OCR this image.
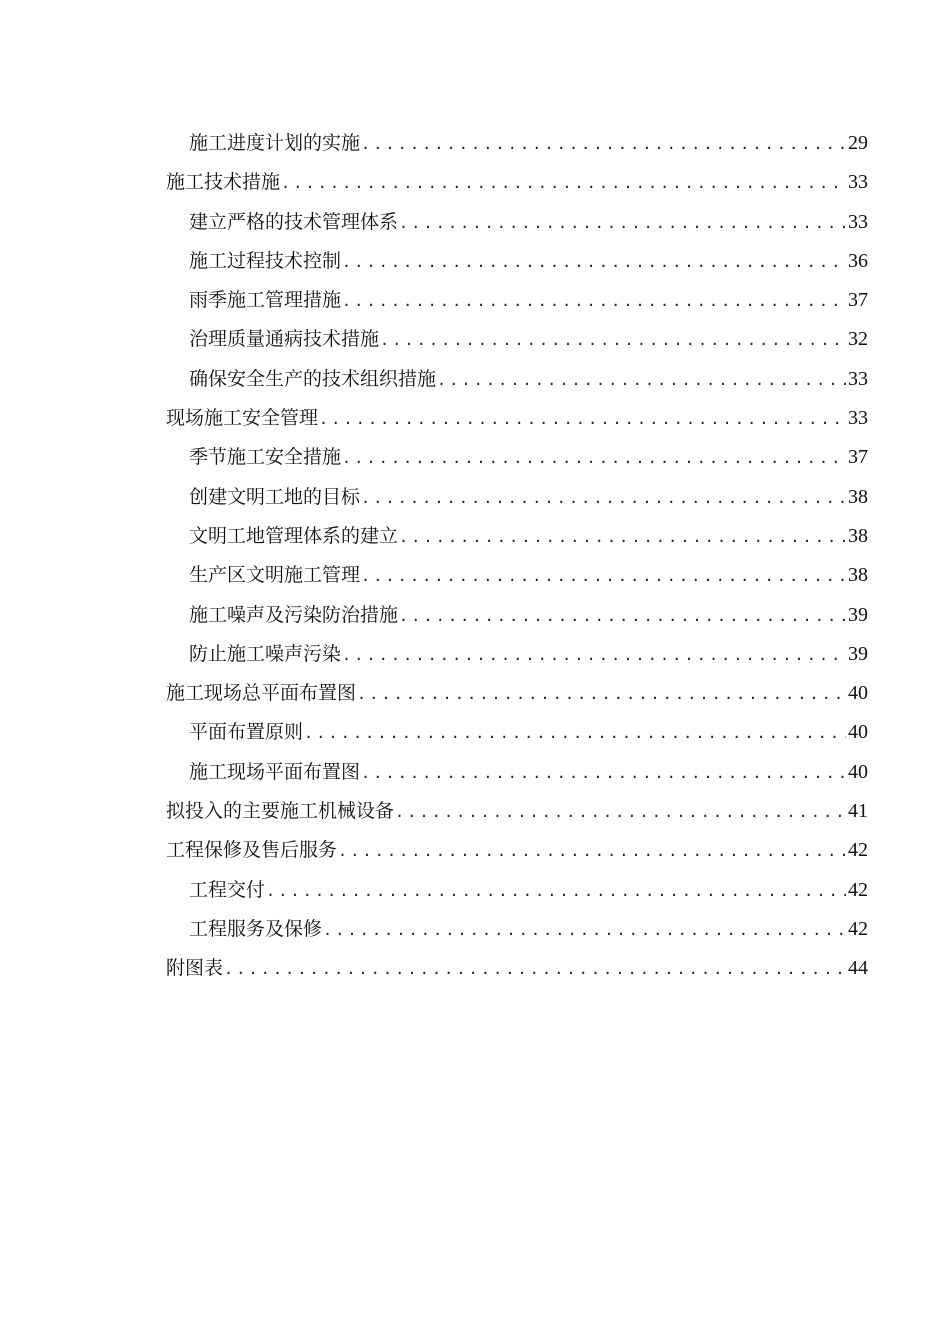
施工进度计划的实施 .....	29
施工技术措施 .....	33
建立严格的技术管理体系 .....	33
施工过程技术控制 .....	36
雨季施工管理措施 .....	37
治理质量通病技术措施 .....	32
确保安全生产的技术组织措施 .....	33
现场施工安全管理 .....	33
季节施工安全措施 .....	37
创建文明工地的目标 .....	38
文明工地管理体系的建立 .....	38
生产区文明施工管理 .....	38
施工噪声及污染防治措施 .....	39
防止施工噪声污染 .....	39
施工现场总平面布置图 .....	40
平面布置原则 .....	40
施工现场平面布置图 .....	40
拟投入的主要施工机械设备 .....	41
工程保修及售后服务 .....	42
工程交付 .....	42
工程服务及保修 .....	42
附图表 .....	44
